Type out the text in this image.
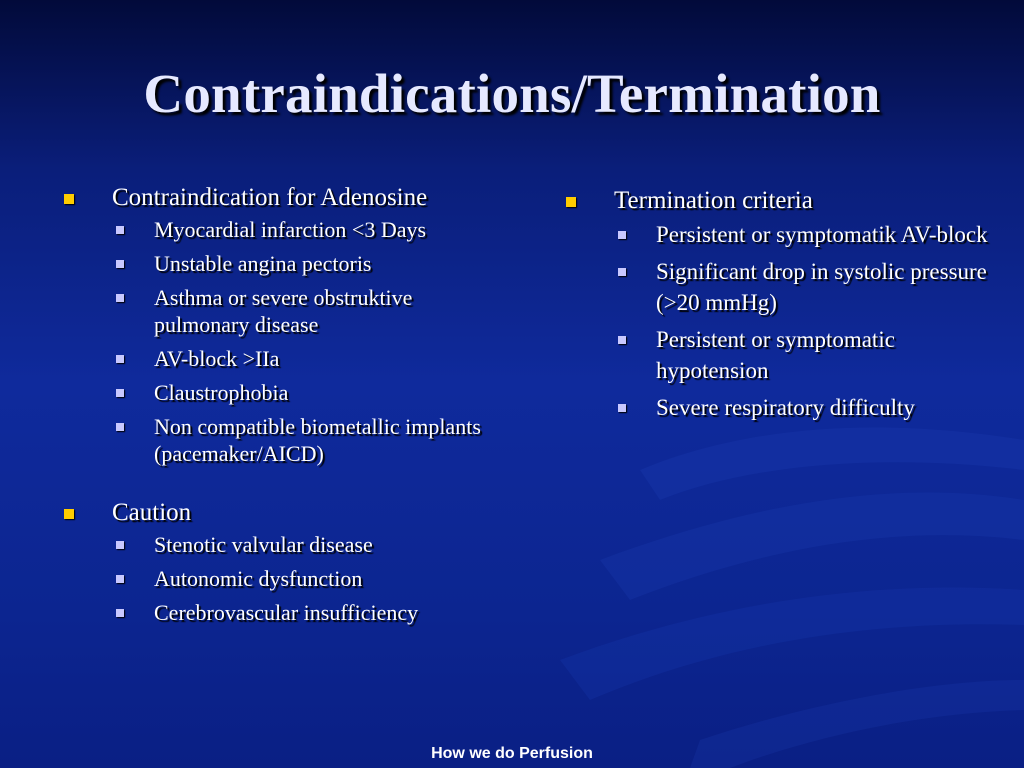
Contraindications/Termination
Contraindication for Adenosine
Myocardial infarction <3 Days
Unstable angina pectoris
Asthma or severe obstruktive pulmonary disease
AV-block >IIa
Claustrophobia
Non compatible biometallic implants (pacemaker/AICD)
Caution
Stenotic valvular disease
Autonomic dysfunction
Cerebrovascular insufficiency
Termination criteria
Persistent or symptomatik AV-block
Significant drop in systolic pressure (>20 mmHg)
Persistent or symptomatic hypotension
Severe respiratory difficulty
How we do Perfusion
